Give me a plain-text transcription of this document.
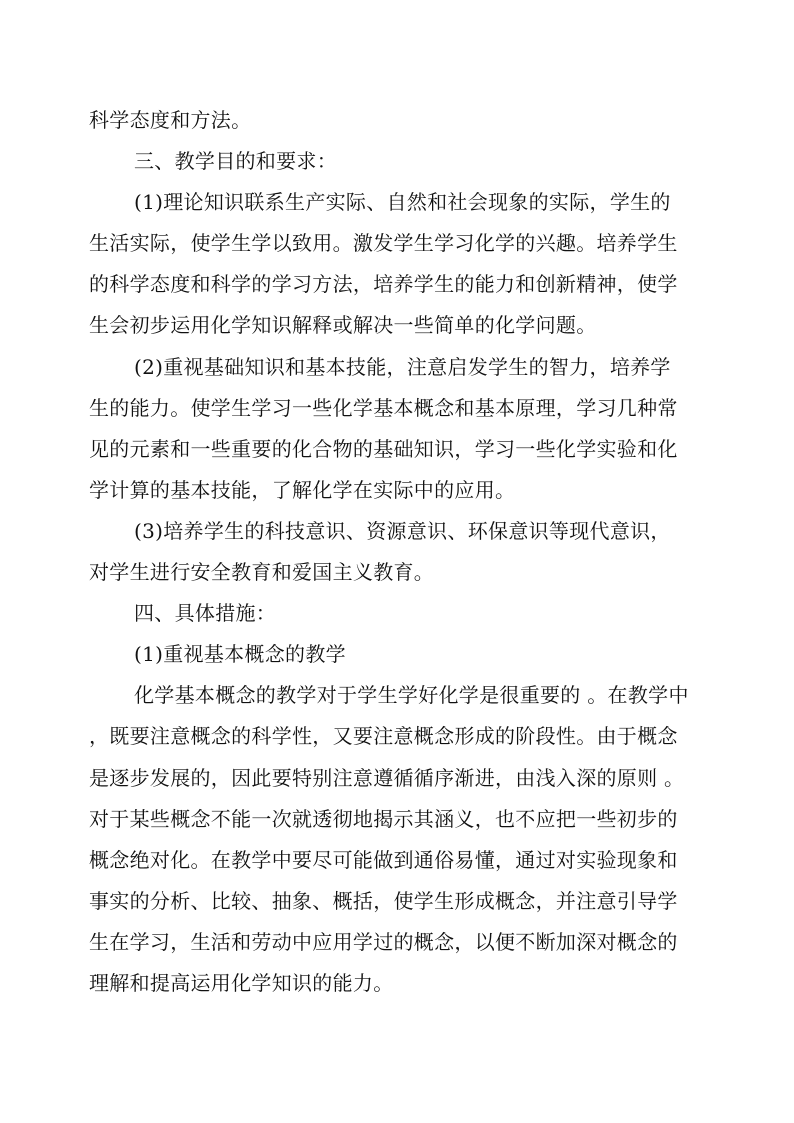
科学态度和方法。
三、教学目的和要求：
(1)理论知识联系生产实际、自然和社会现象的实际，学生的
生活实际，使学生学以致用。激发学生学习化学的兴趣。培养学生
的科学态度和科学的学习方法，培养学生的能力和创新精神，使学
生会初步运用化学知识解释或解决一些简单的化学问题。
(2)重视基础知识和基本技能，注意启发学生的智力，培养学
生的能力。使学生学习一些化学基本概念和基本原理，学习几种常
见的元素和一些重要的化合物的基础知识，学习一些化学实验和化
学计算的基本技能，了解化学在实际中的应用。
(3)培养学生的科技意识、资源意识、环保意识等现代意识，
对学生进行安全教育和爱国主义教育。
四、具体措施：
(1)重视基本概念的教学
化学基本概念的教学对于学生学好化学是很重要的 。在教学中
，既要注意概念的科学性，又要注意概念形成的阶段性。由于概念
是逐步发展的，因此要特别注意遵循循序渐进，由浅入深的原则 。
对于某些概念不能一次就透彻地揭示其涵义，也不应把一些初步的
概念绝对化。在教学中要尽可能做到通俗易懂，通过对实验现象和
事实的分析、比较、抽象、概括，使学生形成概念，并注意引导学
生在学习，生活和劳动中应用学过的概念，以便不断加深对概念的
理解和提高运用化学知识的能力。
